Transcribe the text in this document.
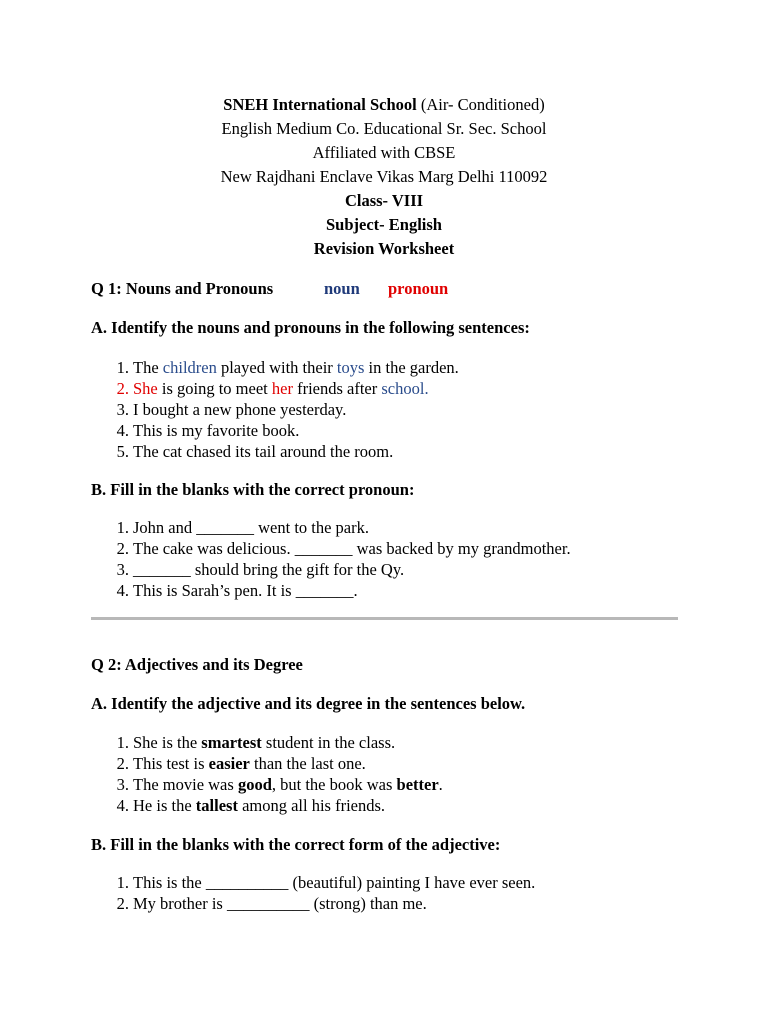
SNEH International School (Air- Conditioned)
English Medium Co. Educational Sr. Sec. School
Affiliated with CBSE
New Rajdhani Enclave Vikas Marg Delhi 110092
Class- VIII
Subject- English
Revision Worksheet
Q 1: Nouns and Pronouns	noun pronoun
A. Identify the nouns and pronouns in the following sentences:
1. The children played with their toys in the garden.
2. She is going to meet her friends after school.
3. I bought a new phone yesterday.
4. This is my favorite book.
5. The cat chased its tail around the room.
B. Fill in the blanks with the correct pronoun:
1. John and _______ went to the park.
2. The cake was delicious. _______ was backed by my grandmother.
3. _______ should bring the gift for the Qy.
4. This is Sarah’s pen. It is _______.
Q 2: Adjectives and its Degree
A. Identify the adjective and its degree in the sentences below.
1. She is the smartest student in the class.
2. This test is easier than the last one.
3. The movie was good, but the book was better.
4. He is the tallest among all his friends.
B. Fill in the blanks with the correct form of the adjective:
1. This is the __________ (beautiful) painting I have ever seen.
2. My brother is __________ (strong) than me.
